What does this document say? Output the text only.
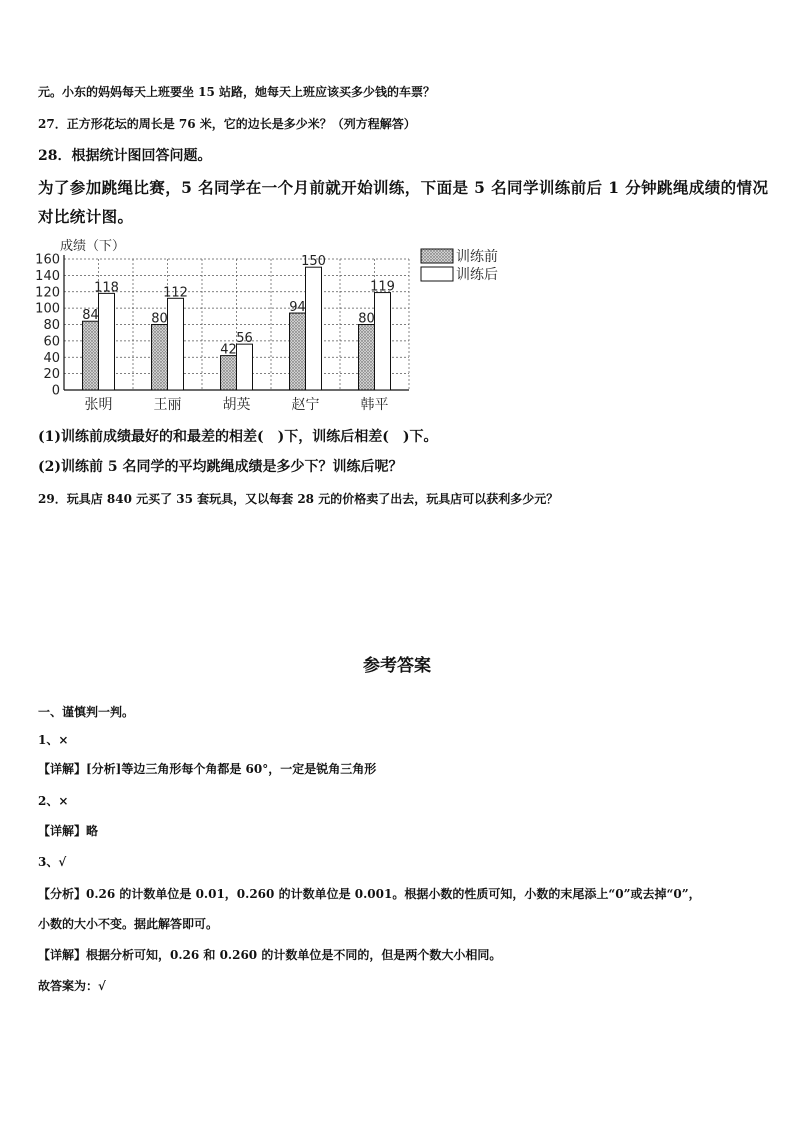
元。小东的妈妈每天上班要坐 15 站路，她每天上班应该买多少钱的车票？
27．正方形花坛的周长是 76 米，它的边长是多少米？（列方程解答）
28．根据统计图回答问题。
为了参加跳绳比赛，5 名同学在一个月前就开始训练，下面是 5 名同学训练前后 1 分钟跳绳成绩的情况
对比统计图。
成绩（下）
0
20
40
60
80
100
120
140
160
84
118
张明
80
112
王丽
42
56
胡英
94
150
赵宁
80
119
韩平
训练前
训练后
(1)训练前成绩最好的和最差的相差(　)下，训练后相差(　)下。
(2)训练前 5 名同学的平均跳绳成绩是多少下？训练后呢？
29．玩具店 840 元买了 35 套玩具，又以每套 28 元的价格卖了出去，玩具店可以获利多少元？
参考答案
一、谨慎判一判。
1、×
【详解】[分析]等边三角形每个角都是 60°，一定是锐角三角形
2、×
【详解】略
3、√
【分析】0.26 的计数单位是 0.01，0.260 的计数单位是 0.001。根据小数的性质可知，小数的末尾添上“0”或去掉“0”，
小数的大小不变。据此解答即可。
【详解】根据分析可知，0.26 和 0.260 的计数单位是不同的，但是两个数大小相同。
故答案为：√
